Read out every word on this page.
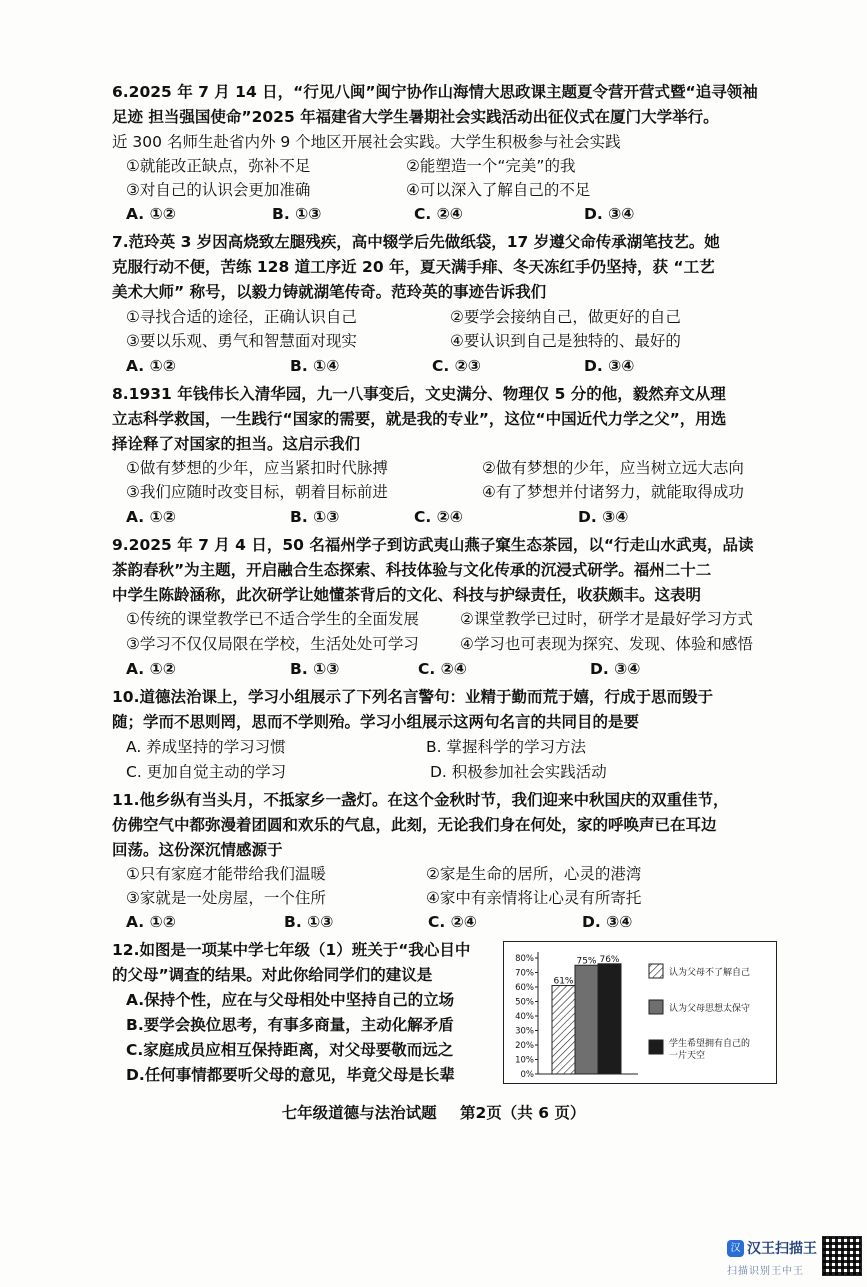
6.2025 年 7 月 14 日，“行见八闽”闽宁协作山海情大思政课主题夏令营开营式暨“追寻领袖
足迹 担当强国使命”2025 年福建省大学生暑期社会实践活动出征仪式在厦门大学举行。
近 300 名师生赴省内外 9 个地区开展社会实践。大学生积极参与社会实践
①就能改正缺点，弥补不足	②能塑造一个“完美”的我
③对自己的认识会更加准确	④可以深入了解自己的不足
A. ①②	B. ①③	C. ②④	D. ③④
7.范玲英 3 岁因高烧致左腿残疾，高中辍学后先做纸袋，17 岁遵父命传承湖笔技艺。她
克服行动不便，苦练 128 道工序近 20 年，夏天满手痱、冬天冻红手仍坚持，获 “工艺
美术大师” 称号，以毅力铸就湖笔传奇。范玲英的事迹告诉我们
①寻找合适的途径，正确认识自己	②要学会接纳自己，做更好的自己
③要以乐观、勇气和智慧面对现实	④要认识到自己是独特的、最好的
A. ①②	B. ①④	C. ②③	D. ③④
8.1931 年钱伟长入清华园，九一八事变后，文史满分、物理仅 5 分的他，毅然弃文从理
立志科学救国，一生践行“国家的需要，就是我的专业”，这位“中国近代力学之父”，用选
择诠释了对国家的担当。这启示我们
①做有梦想的少年，应当紧扣时代脉搏	②做有梦想的少年，应当树立远大志向
③我们应随时改变目标，朝着目标前进	④有了梦想并付诸努力，就能取得成功
A. ①②	B. ①③	C. ②④	D. ③④
9.2025 年 7 月 4 日，50 名福州学子到访武夷山燕子窠生态茶园，以“行走山水武夷，品读
茶韵春秋”为主题，开启融合生态探索、科技体验与文化传承的沉浸式研学。福州二十二
中学生陈龄涵称，此次研学让她懂茶背后的文化、科技与护绿责任，收获颇丰。这表明
①传统的课堂教学已不适合学生的全面发展	②课堂教学已过时，研学才是最好学习方式
③学习不仅仅局限在学校，生活处处可学习	④学习也可表现为探究、发现、体验和感悟
A. ①②	B. ①③	C. ②④	D. ③④
10.道德法治课上，学习小组展示了下列名言警句：业精于勤而荒于嬉，行成于思而毁于
随；学而不思则罔，思而不学则殆。学习小组展示这两句名言的共同目的是要
A. 养成坚持的学习习惯	B. 掌握科学的学习方法
C. 更加自觉主动的学习	D. 积极参加社会实践活动
11.他乡纵有当头月，不抵家乡一盏灯。在这个金秋时节，我们迎来中秋国庆的双重佳节，
仿佛空气中都弥漫着团圆和欢乐的气息，此刻，无论我们身在何处，家的呼唤声已在耳边
回荡。这份深沉情感源于
①只有家庭才能带给我们温暖	②家是生命的居所，心灵的港湾
③家就是一处房屋，一个住所	④家中有亲情将让心灵有所寄托
A. ①②	B. ①③	C. ②④	D. ③④
12.如图是一项某中学七年级（1）班关于“我心目中
的父母”调查的结果。对此你给同学们的建议是
A.保持个性，应在与父母相处中坚持自己的立场
B.要学会换位思考，有事多商量，主动化解矛盾
C.家庭成员应相互保持距离，对父母要敬而远之
D.任何事情都要听父母的意见，毕竟父母是长辈	0%
10%
20%
30%
40%
50%
60%
70%
80%
61%
75% 76%
认为父母不了解自己
认为父母思想太保守
学生希望拥有自己的
一片天空
七年级道德与法治试题 第2页（共 6 页）
汉 汉王扫描王
扫描识别王中王
